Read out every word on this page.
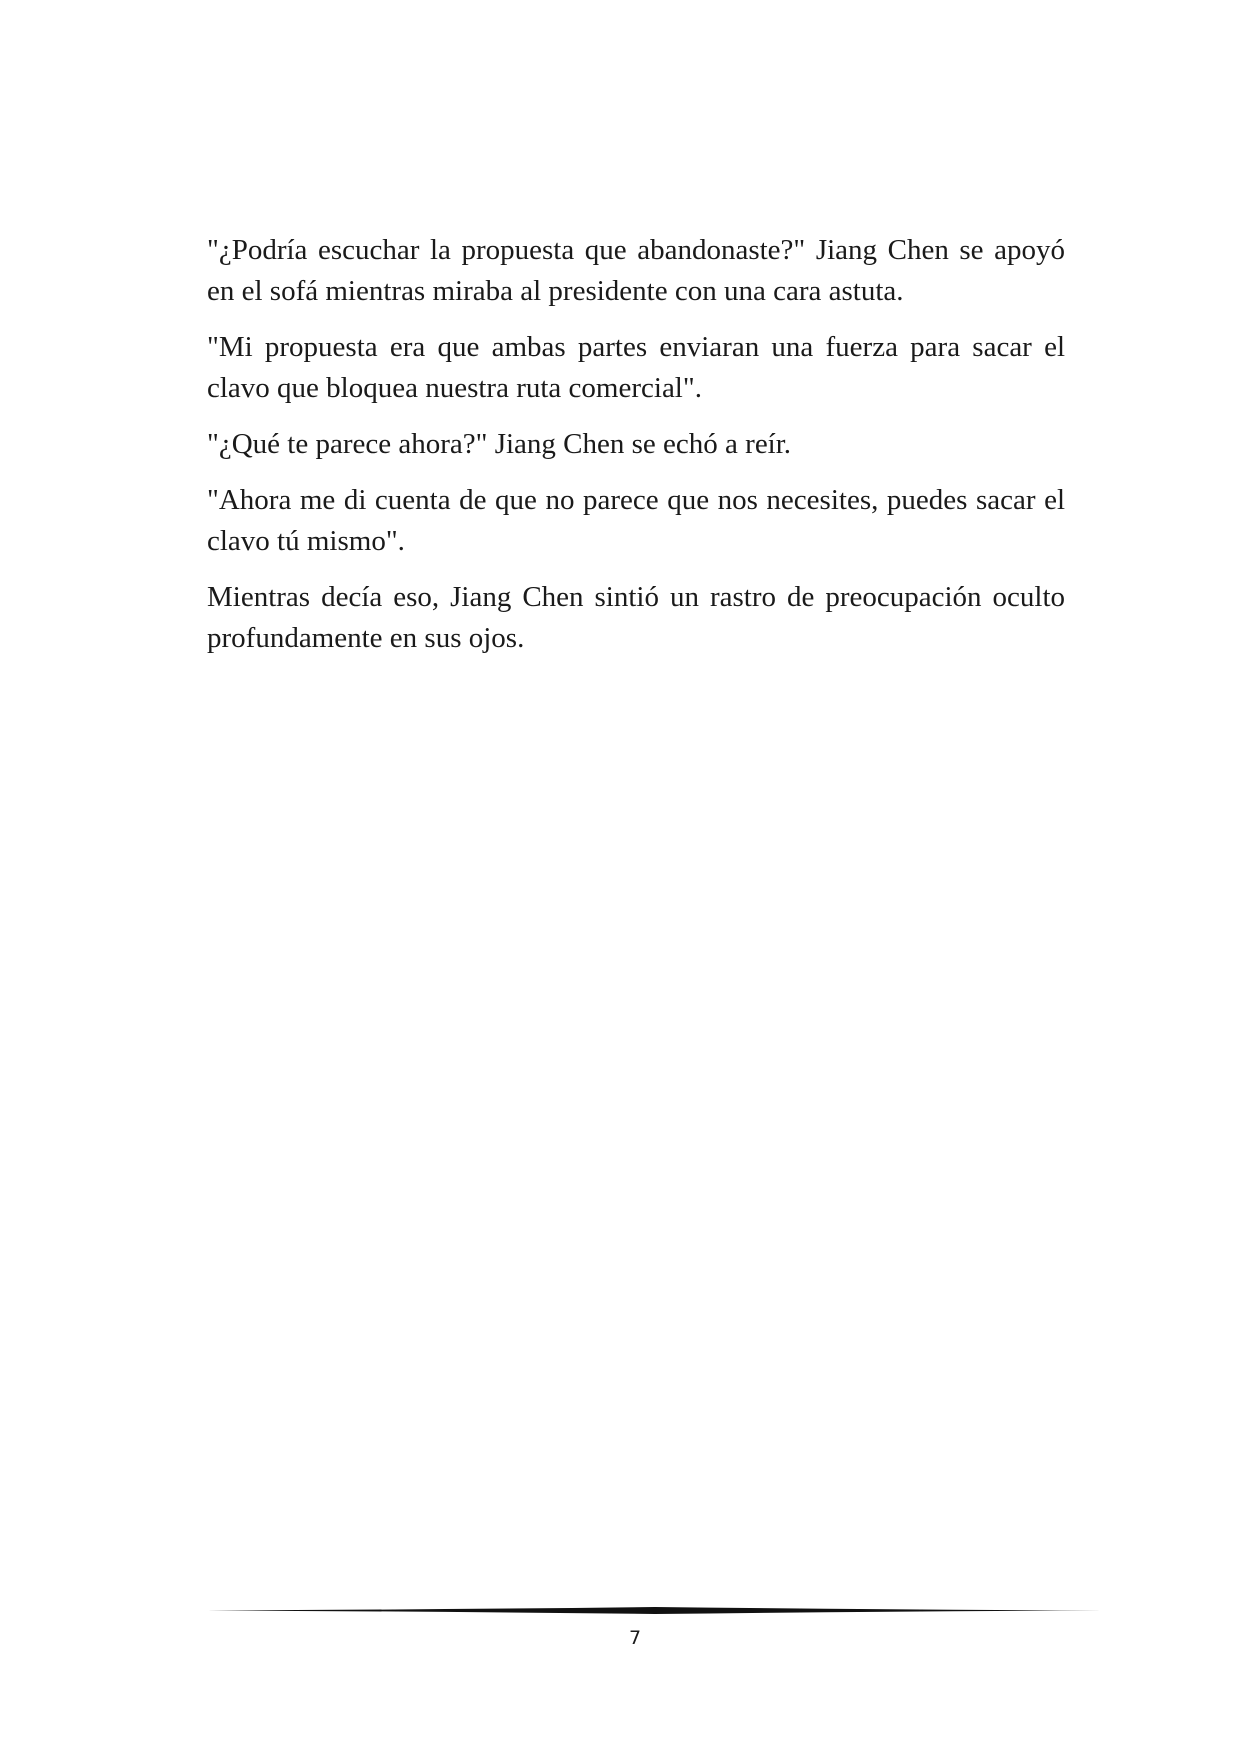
"¿Podría escuchar la propuesta que abandonaste?" Jiang Chen se apoyó en el sofá mientras miraba al presidente con una cara astuta.

"Mi propuesta era que ambas partes enviaran una fuerza para sacar el clavo que bloquea nuestra ruta comercial".

"¿Qué te parece ahora?" Jiang Chen se echó a reír.

"Ahora me di cuenta de que no parece que nos necesites, puedes sacar el clavo tú mismo".

Mientras decía eso, Jiang Chen sintió un rastro de preocupación oculto profundamente en sus ojos.

7
